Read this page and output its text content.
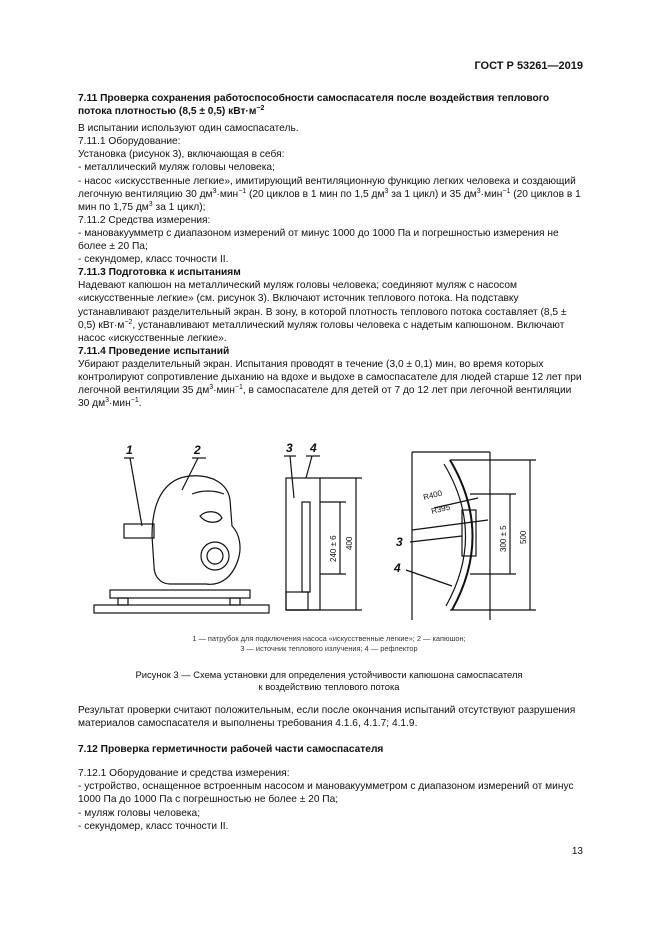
ГОСТ Р 53261—2019

7.11 Проверка сохранения работоспособности самоспасателя после воздействия теплового потока плотностью (8,5 ± 0,5) $кВт\cdot м^{-2}$

В испытании используют один самоспасатель.

7.11.1 Оборудование:

Установка (рисунок 3), включающая в себя:

- металлический муляж головы человека;

- насос «искусственные легкие», имитирующий вентиляционную функцию легких человека и создающий легочную вентиляцию 30 $дм^3\cdot мин^{-1}$ (20 циклов в 1 мин по 1,5 $дм^3$ за 1 цикл) и 35 $дм^3\cdot мин^{-1}$ (20 циклов в 1 мин по 1,75 $дм^3$ за 1 цикл);

7.11.2 Средства измерения:

- мановакуумметр с диапазоном измерений от минус 1000 до 1000 Па и погрешностью измерения не более ± 20 Па;

- секундомер, класс точности II.

7.11.3 Подготовка к испытаниям

Надевают капюшон на металлический муляж головы человека; соединяют муляж с насосом «искусственные легкие» (см. рисунок 3). Включают источник теплового потока. На подставку устанавливают разделительный экран. В зону, в которой плотность теплового потока составляет (8,5 ± 0,5) $кВт\cdot м^{-2}$, устанавливают металлический муляж головы человека с надетым капюшоном. Включают насос «искусственные легкие».

7.11.4 Проведение испытаний

Убирают разделительный экран. Испытания проводят в течение (3,0 ± 0,1) мин, во время которых контролируют сопротивление дыханию на вдохе и выдохе в самоспасателе для людей старше 12 лет при легочной вентиляции 35 $дм^3\cdot мин^{-1}$, в самоспасателе для детей от 7 до 12 лет при легочной вентиляции 30 $дм^3\cdot мин^{-1}$.

1	2	3 4
3
4
240 ± 6 400	300 ± 5 500
R400
R395
1 — патрубок для подключения насоса «искусственные легкие»; 2 — капюшон;
3 — источник теплового излучения; 4 — рефлектор
Рисунок 3 — Схема установки для определения устойчивости капюшона самоспасателя
к воздействию теплового потока

Результат проверки считают положительным, если после окончания испытаний отсутствуют разрушения материалов самоспасателя и выполнены требования 4.1.6, 4.1.7; 4.1.9.

7.12 Проверка герметичности рабочей части самоспасателя

7.12.1 Оборудование и средства измерения:

- устройство, оснащенное встроенным насосом и мановакуумметром с диапазоном измерений от минус 1000 Па до 1000 Па с погрешностью не более ± 20 Па;

- муляж головы человека;

- секундомер, класс точности II.

13
